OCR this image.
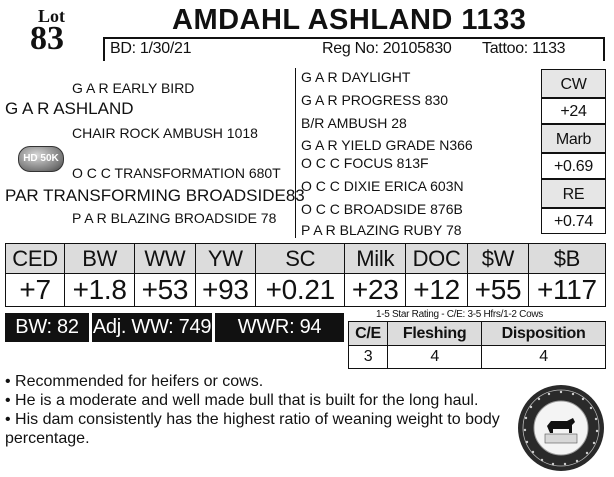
Lot
83	AMDAHL ASHLAND 1133
BD: 1/30/21	Reg No: 20105830 Tattoo: 1133
G A R EARLY BIRD
G A R ASHLAND
CHAIR ROCK AMBUSH 1018
HD 50K
O C C TRANSFORMATION 680T
PAR TRANSFORMING BROADSIDE83
P A R BLAZING BROADSIDE 78
G A R DAYLIGHT
G A R PROGRESS 830
B/R AMBUSH 28
G A R YIELD GRADE N366
O C C FOCUS 813F
O C C DIXIE ERICA 603N
O C C BROADSIDE 876B
P A R BLAZING RUBY 78
CW
+24
Marb
+0.69
RE
+0.74
CED	BW	WW	YW	SC	Milk	DOC	$W	$B
+7	+1.8	+53	+93	+0.21	+23	+12	+55	+117
BW: 82 Adj. WW: 749	WWR: 94
1-5 Star Rating - C/E: 3-5 Hfrs/1-2 Cows
C/E	Fleshing	Disposition
3	4	4
• Recommended for heifers or cows.
• He is a moderate and well made bull that is built for the long haul.
• His dam consistently has the highest ratio of weaning weight to body percentage.
